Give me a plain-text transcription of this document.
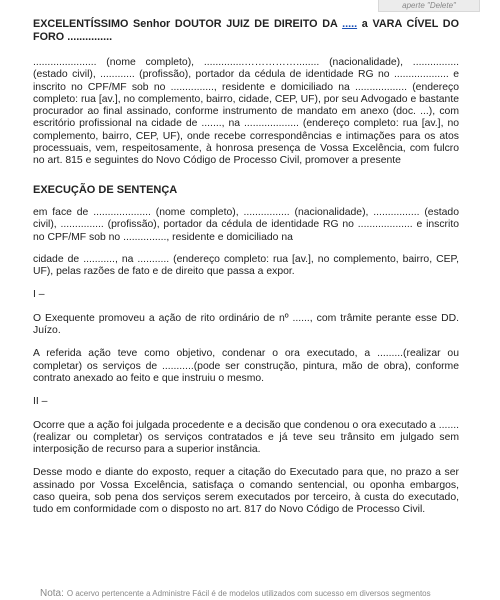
aperte "Delete"
EXCELENTÍSSIMO Senhor DOUTOR JUIZ DE DIREITO DA ..... a VARA CÍVEL DO FORO ...............

...................... (nome completo), ..............……………........ (nacionalidade), ................ (estado civil), ............ (profissão), portador da cédula de identidade RG no ................... e inscrito no CPF/MF sob no ..............., residente e domiciliado na .................. (endereço completo: rua [av.], no complemento, bairro, cidade, CEP, UF), por seu Advogado e bastante procurador ao final assinado, conforme instrumento de mandato em anexo (doc. ...), com escritório profissional na cidade de ......., na ................... (endereço completo: rua [av.], no complemento, bairro, CEP, UF), onde recebe correspondências e intimações para os atos processuais, vem, respeitosamente, à honrosa presença de Vossa Excelência, com fulcro no art. 815 e seguintes do Novo Código de Processo Civil, promover a presente

EXECUÇÃO DE SENTENÇA

em face de .................... (nome completo), ................ (nacionalidade), ................ (estado civil), ............... (profissão), portador da cédula de identidade RG no ................... e inscrito no CPF/MF sob no ..............., residente e domiciliado na

cidade de ..........., na ........... (endereço completo: rua [av.], no complemento, bairro, CEP, UF), pelas razões de fato e de direito que passa a expor.

I –

O Exequente promoveu a ação de rito ordinário de nº ......, com trâmite perante esse DD. Juízo.

A referida ação teve como objetivo, condenar o ora executado, a .........(realizar ou completar) os serviços de ...........(pode ser construção, pintura, mão de obra), conforme contrato anexado ao feito e que instruiu o mesmo.

II –

Ocorre que a ação foi julgada procedente e a decisão que condenou o ora executado a .......(realizar ou completar) os serviços contratados e já teve seu trânsito em julgado sem interposição de recurso para a superior instância.

Desse modo e diante do exposto, requer a citação do Executado para que, no prazo a ser assinado por Vossa Excelência, satisfaça o comando sentencial, ou oponha embargos, caso queira, sob pena dos serviços serem executados por terceiro, à custa do executado, tudo em conformidade com o disposto no art. 817 do Novo Código de Processo Civil.

Nota: O acervo pertencente a Administre Fácil é de modelos utilizados com sucesso em diversos segmentos
